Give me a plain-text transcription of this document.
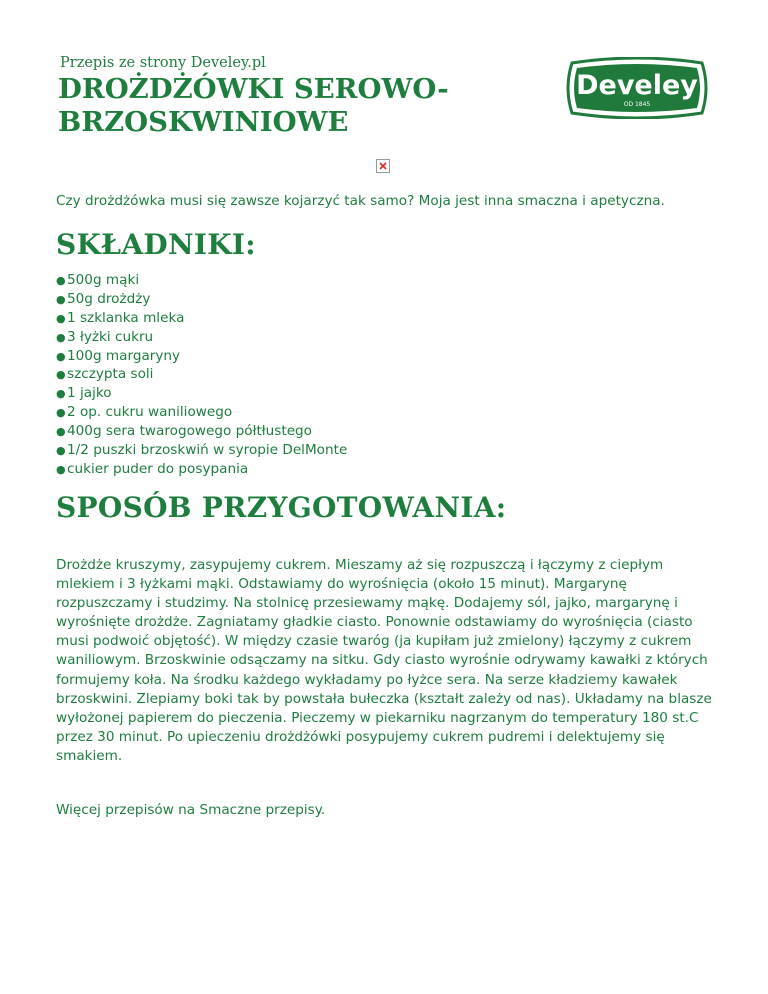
Przepis ze strony Develey.pl
DROŻDŻÓWKI SEROWO-BRZOSKWINIOWE
Develey
OD 1845

Czy drożdżówka musi się zawsze kojarzyć tak samo? Moja jest inna smaczna i apetyczna.

SKŁADNIKI:
●500g mąki
●50g drożdży
●1 szklanka mleka
●3 łyżki cukru
●100g margaryny
●szczypta soli
●1 jajko
●2 op. cukru waniliowego
●400g sera twarogowego półtłustego
●1/2 puszki brzoskwiń w syropie DelMonte
●cukier puder do posypania
SPOSÓB PRZYGOTOWANIA:

Drożdże kruszymy, zasypujemy cukrem. Mieszamy aż się rozpuszczą i łączymy z ciepłym mlekiem i 3 łyżkami mąki. Odstawiamy do wyrośnięcia (około 15 minut). Margarynę rozpuszczamy i studzimy. Na stolnicę przesiewamy mąkę. Dodajemy sól, jajko, margarynę i wyrośnięte drożdże. Zagniatamy gładkie ciasto. Ponownie odstawiamy do wyrośnięcia (ciasto musi podwoić objętość). W między czasie twaróg (ja kupiłam już zmielony) łączymy z cukrem waniliowym. Brzoskwinie odsączamy na sitku. Gdy ciasto wyrośnie odrywamy kawałki z których formujemy koła. Na środku każdego wykładamy po łyżce sera. Na serze kładziemy kawałek brzoskwini. Zlepiamy boki tak by powstała bułeczka (kształt zależy od nas). Układamy na blasze wyłożonej papierem do pieczenia. Pieczemy w piekarniku nagrzanym do temperatury 180 st.C przez 30 minut. Po upieczeniu drożdżówki posypujemy cukrem pudremi i delektujemy się smakiem.

Więcej przepisów na Smaczne przepisy.
